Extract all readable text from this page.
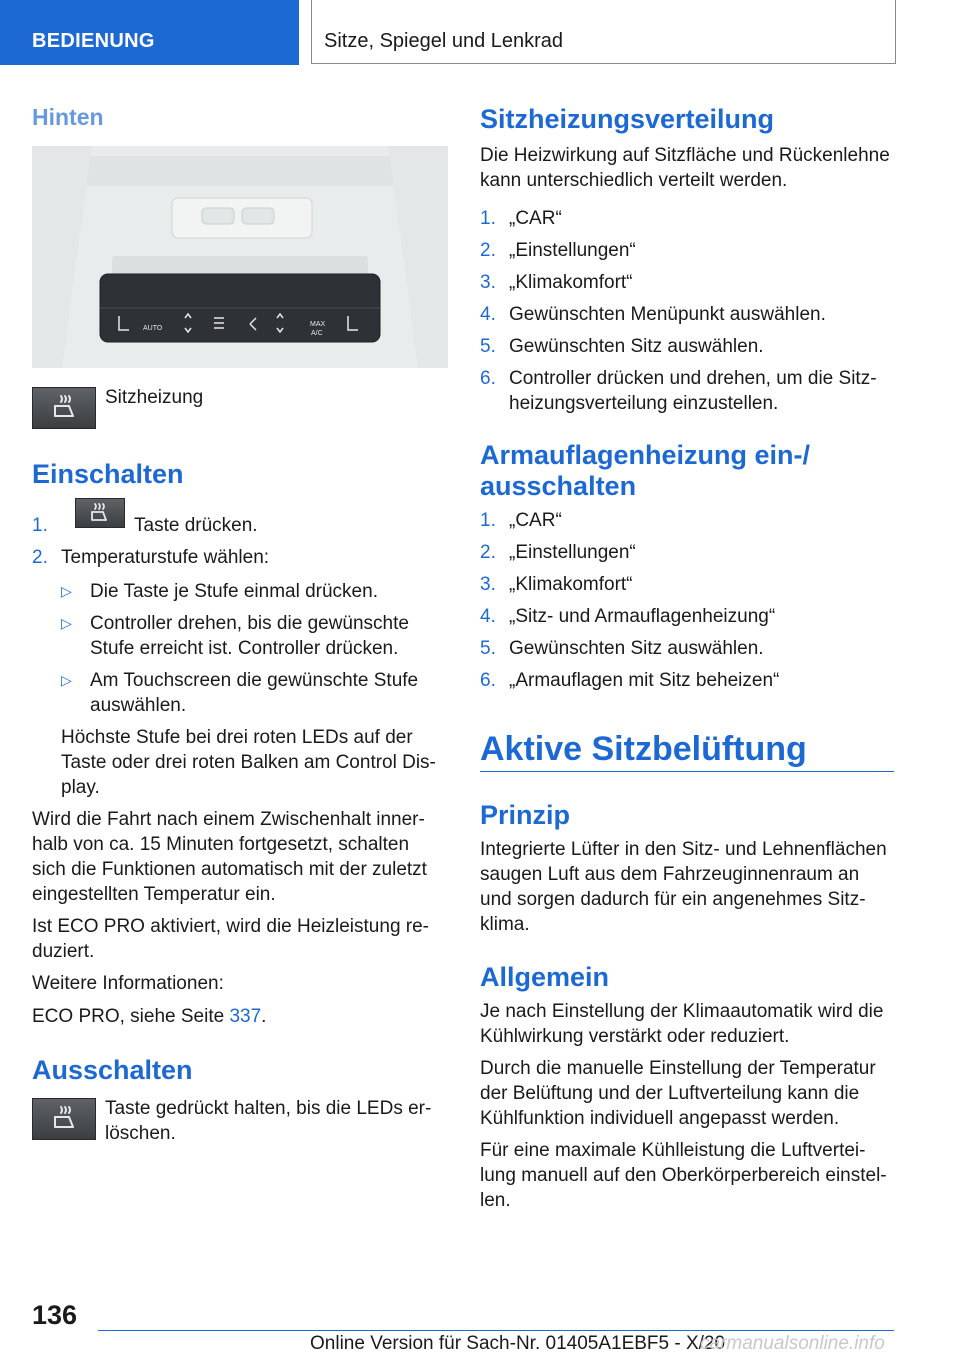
BEDIENUNG	Sitze, Spiegel und Lenkrad
Hinten
AUTO
MAX
A/C
Sitzheizung
Einschalten
1.	Taste drücken.
2. Temperaturstufe wählen:
▷ Die Taste je Stufe einmal drücken.
▷ Controller drehen, bis die gewünschte
Stufe erreicht ist. Controller drücken.
▷ Am Touchscreen die gewünschte Stufe
auswählen.

Höchste Stufe bei drei roten LEDs auf der

Taste oder drei roten Balken am Control Dis-

play.

Wird die Fahrt nach einem Zwischenhalt inner-

halb von ca. 15 Minuten fortgesetzt, schalten

sich die Funktionen automatisch mit der zuletzt

eingestellten Temperatur ein.

Ist ECO PRO aktiviert, wird die Heizleistung re-

duziert.

Weitere Informationen:
ECO PRO, siehe Seite 337.
Ausschalten

Taste gedrückt halten, bis die LEDs er-

löschen.

Sitzheizungsverteilung

Die Heizwirkung auf Sitzfläche und Rückenlehne

kann unterschiedlich verteilt werden.

1. „CAR“
2. „Einstellungen“
3. „Klimakomfort“
4. Gewünschten Menüpunkt auswählen.
5. Gewünschten Sitz auswählen.
6. Controller drücken und drehen, um die Sitz-
heizungsverteilung einzustellen.
Armauflagenheizung ein-/
ausschalten
1. „CAR“
2. „Einstellungen“
3. „Klimakomfort“
4. „Sitz- und Armauflagenheizung“
5. Gewünschten Sitz auswählen.
6. „Armauflagen mit Sitz beheizen“
Aktive Sitzbelüftung
Prinzip

Integrierte Lüfter in den Sitz- und Lehnenflächen

saugen Luft aus dem Fahrzeuginnenraum an

und sorgen dadurch für ein angenehmes Sitz-

klima.

Allgemein

Je nach Einstellung der Klimaautomatik wird die

Kühlwirkung verstärkt oder reduziert.

Durch die manuelle Einstellung der Temperatur

der Belüftung und der Luftverteilung kann die

Kühlfunktion individuell angepasst werden.

Für eine maximale Kühlleistung die Luftvertei-

lung manuell auf den Oberkörperbereich einstel-

len.

136
Online Version für Sach-Nr. 01405A1EBF5 - X/20
carmanualsonline.info
